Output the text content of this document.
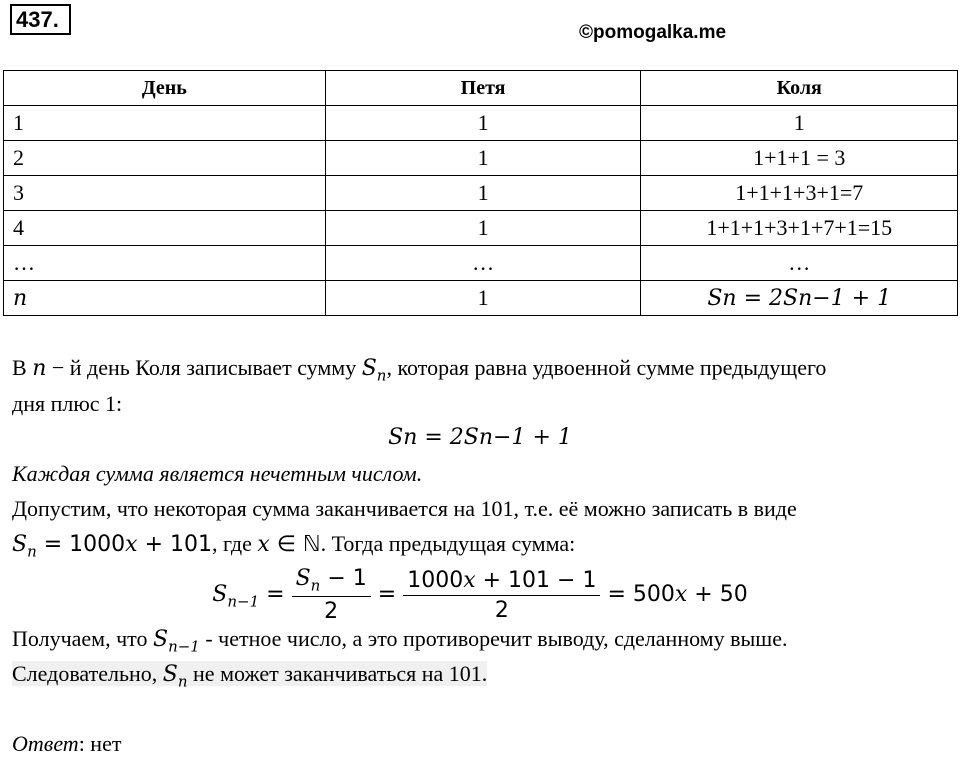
437.
©pomogalka.me
День	Петя	Коля
1	1	1
2	1	1+1+1 = 3
3	1	1+1+1+3+1=7
4	1	1+1+1+3+1+7+1=15
…	…	…
n	1	Sn = 2Sn−1 + 1
В n − й день Коля записывает сумму $S_n$, которая равна удвоенной сумме предыдущего
дня плюс 1:
Sn = 2Sn−1 + 1
Каждая сумма является нечетным числом.
Допустим, что некоторая сумма заканчивается на 101, т.е. её можно записать в виде
$S_n = 1000x + 101$, где x ∈ ℕ. Тогда предыдущая сумма:
$S_{n-1} = \frac{S_n - 1}{2} = \frac{1000x + 101 - 1}{2} = 500x + 50$
Получаем, что $S_{n-1}$ - четное число, а это противоречит выводу, сделанному выше.
Следовательно, $S_n$ не может заканчиваться на 101.
Ответ: нет
